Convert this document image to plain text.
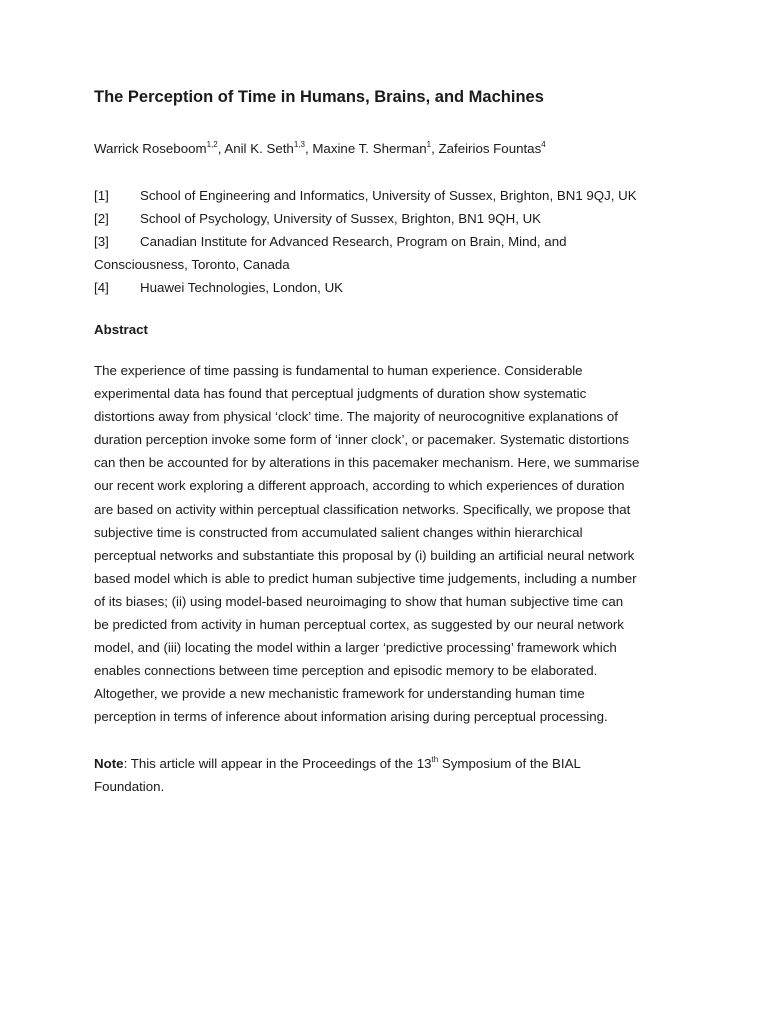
The Perception of Time in Humans, Brains, and Machines
Warrick Roseboom$^{1,2}$, Anil K. Seth$^{1,3}$, Maxine T. Sherman$^1$, Zafeirios Fountas$^4$
[1] School of Engineering and Informatics, University of Sussex, Brighton, BN1 9QJ, UK
[2] School of Psychology, University of Sussex, Brighton, BN1 9QH, UK
[3] Canadian Institute for Advanced Research, Program on Brain, Mind, and
Consciousness, Toronto, Canada
[4] Huawei Technologies, London, UK
Abstract
The experience of time passing is fundamental to human experience. Considerable
experimental data has found that perceptual judgments of duration show systematic
distortions away from physical ‘clock’ time. The majority of neurocognitive explanations of
duration perception invoke some form of ‘inner clock’, or pacemaker. Systematic distortions
can then be accounted for by alterations in this pacemaker mechanism. Here, we summarise
our recent work exploring a different approach, according to which experiences of duration
are based on activity within perceptual classification networks. Specifically, we propose that
subjective time is constructed from accumulated salient changes within hierarchical
perceptual networks and substantiate this proposal by (i) building an artificial neural network
based model which is able to predict human subjective time judgements, including a number
of its biases; (ii) using model-based neuroimaging to show that human subjective time can
be predicted from activity in human perceptual cortex, as suggested by our neural network
model, and (iii) locating the model within a larger ‘predictive processing’ framework which
enables connections between time perception and episodic memory to be elaborated.
Altogether, we provide a new mechanistic framework for understanding human time
perception in terms of inference about information arising during perceptual processing.
Note: This article will appear in the Proceedings of the 13th Symposium of the BIAL
Foundation.
